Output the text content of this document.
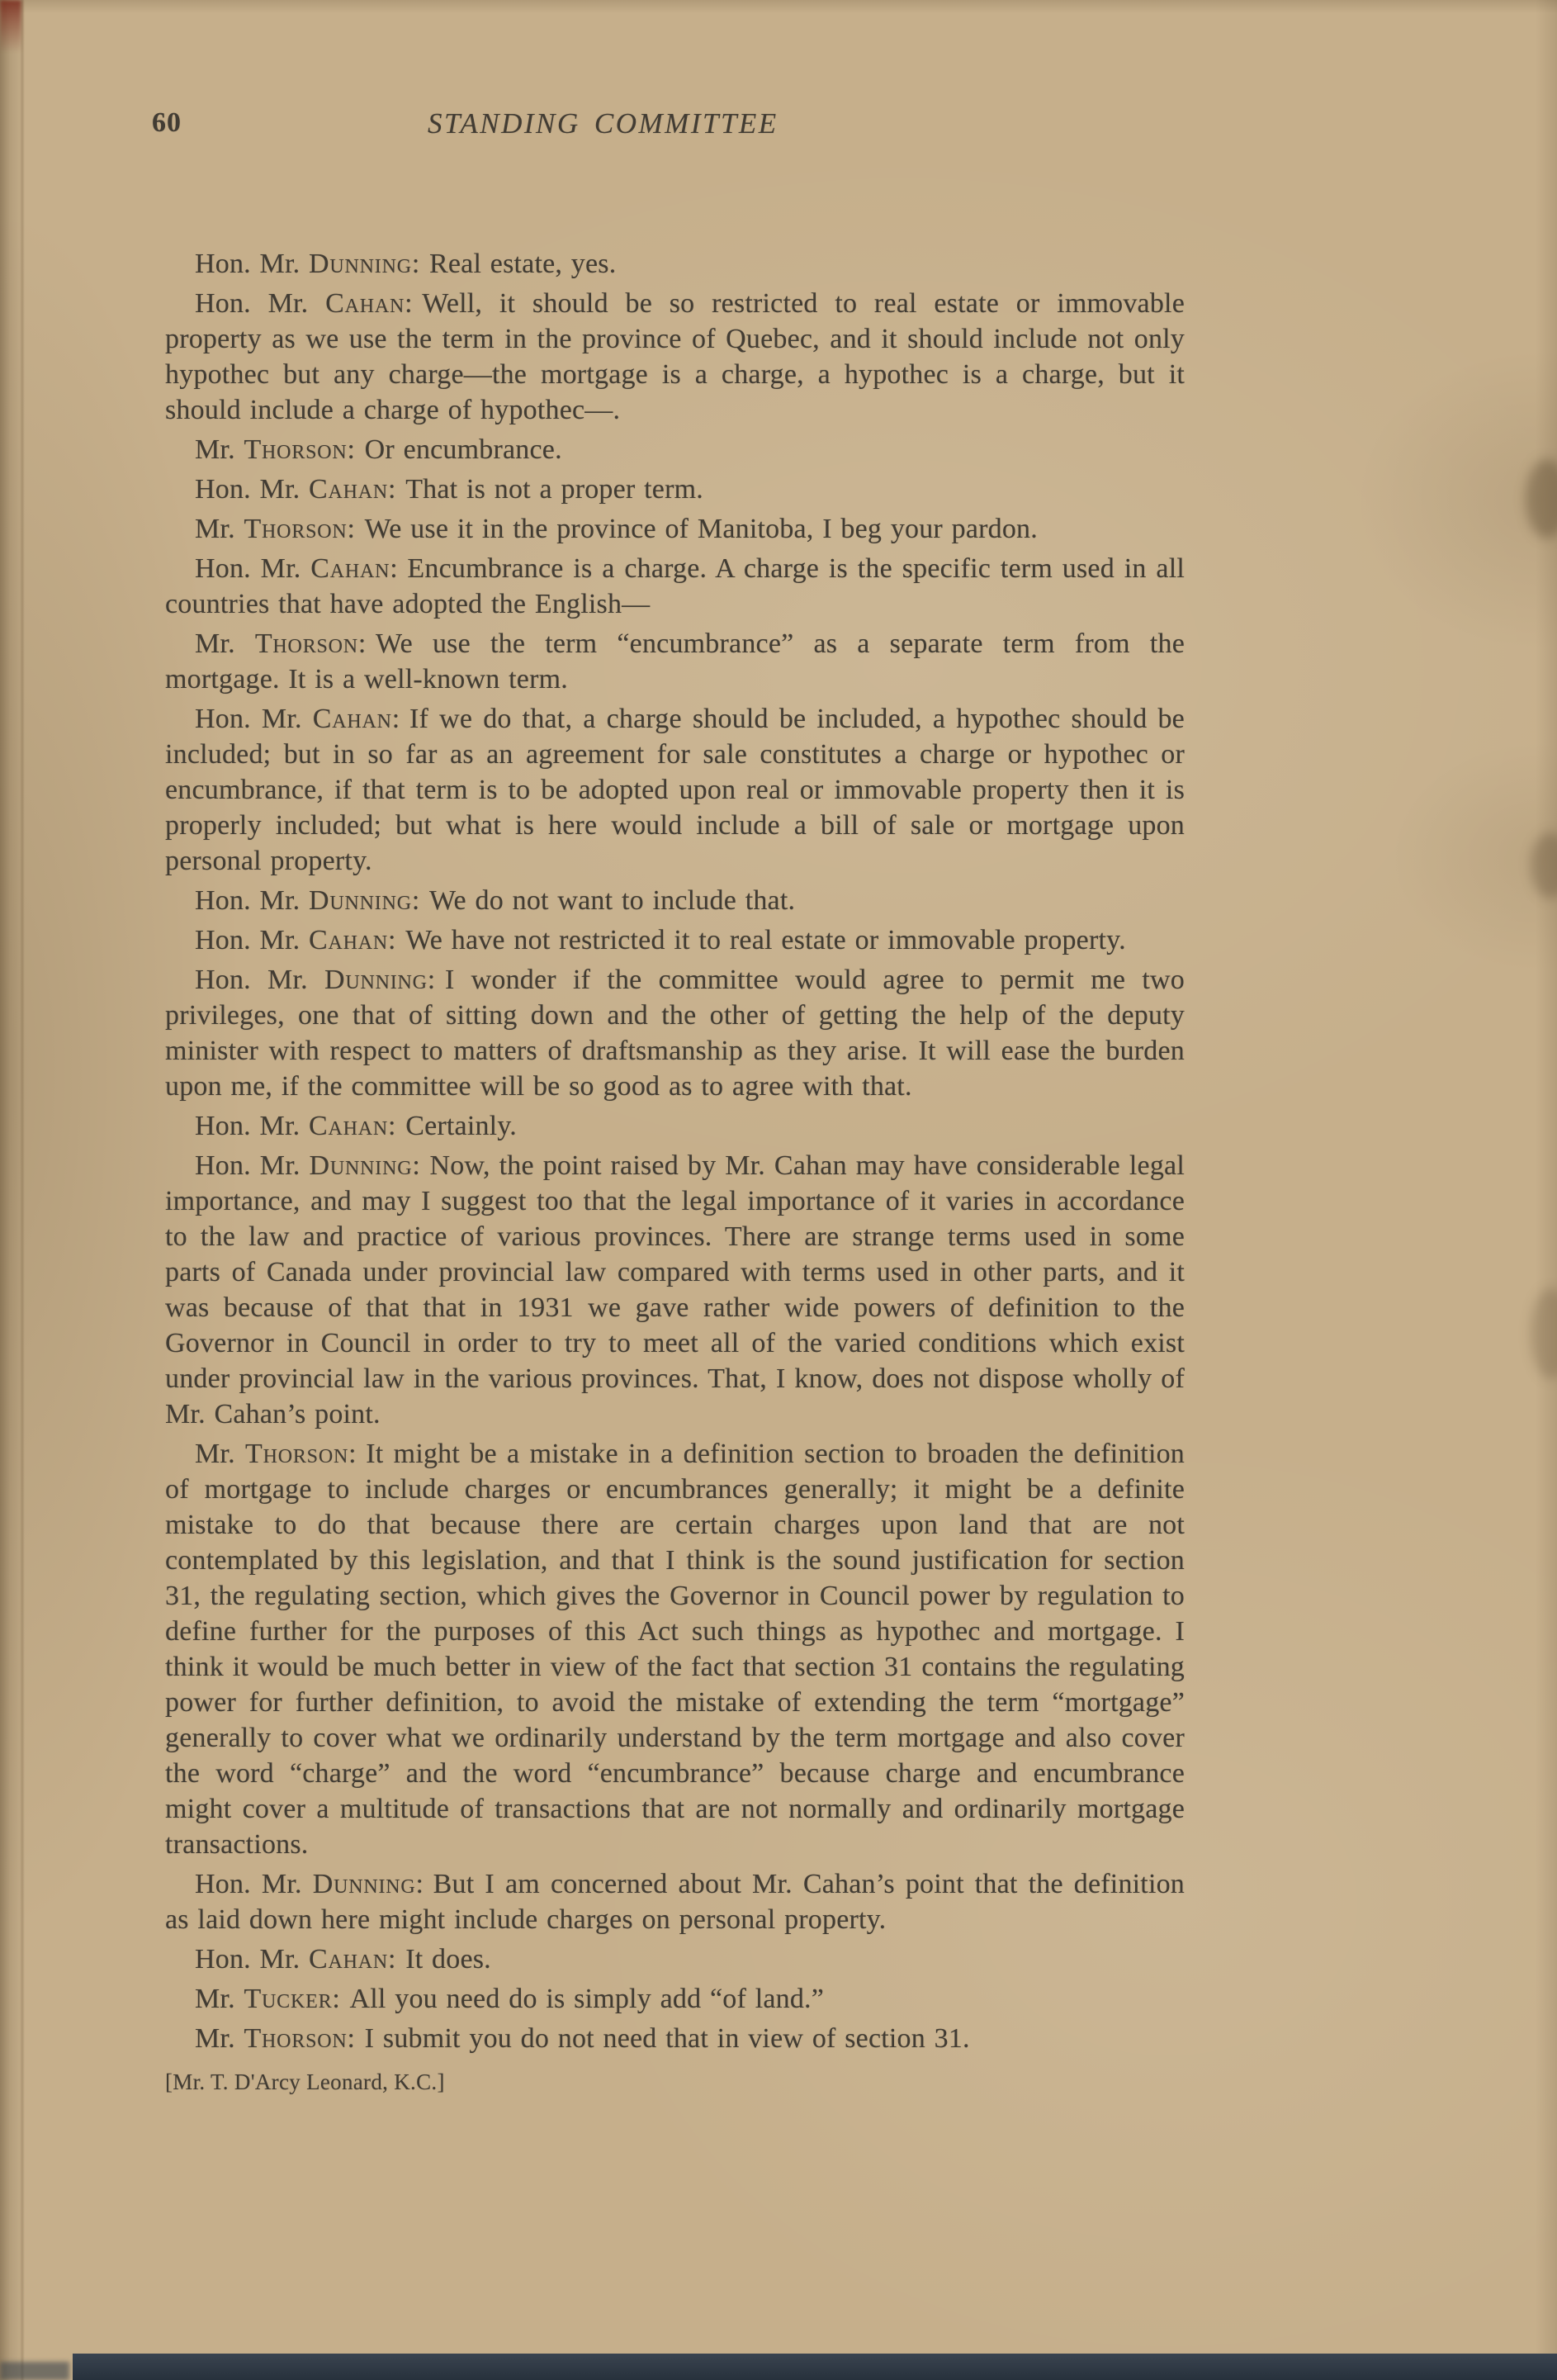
60	STANDING COMMITTEE

Hon. Mr. Dunning: Real estate, yes.

Hon. Mr. Cahan: Well, it should be so restricted to real estate or immovable property as we use the term in the province of Quebec, and it should include not only hypothec but any charge—the mortgage is a charge, a hypothec is a charge, but it should include a charge of hypothec—.

Mr. Thorson: Or encumbrance.

Hon. Mr. Cahan: That is not a proper term.

Mr. Thorson: We use it in the province of Manitoba, I beg your pardon.

Hon. Mr. Cahan: Encumbrance is a charge. A charge is the specific term used in all countries that have adopted the English—

Mr. Thorson: We use the term “encumbrance” as a separate term from the mortgage. It is a well-known term.

Hon. Mr. Cahan: If we do that, a charge should be included, a hypothec should be included; but in so far as an agreement for sale constitutes a charge or hypothec or encumbrance, if that term is to be adopted upon real or immovable property then it is properly included; but what is here would include a bill of sale or mortgage upon personal property.

Hon. Mr. Dunning: We do not want to include that.

Hon. Mr. Cahan: We have not restricted it to real estate or immovable property.

Hon. Mr. Dunning: I wonder if the committee would agree to permit me two privileges, one that of sitting down and the other of getting the help of the deputy minister with respect to matters of draftsmanship as they arise. It will ease the burden upon me, if the committee will be so good as to agree with that.

Hon. Mr. Cahan: Certainly.

Hon. Mr. Dunning: Now, the point raised by Mr. Cahan may have considerable legal importance, and may I suggest too that the legal importance of it varies in accordance to the law and practice of various provinces. There are strange terms used in some parts of Canada under provincial law compared with terms used in other parts, and it was because of that that in 1931 we gave rather wide powers of definition to the Governor in Council in order to try to meet all of the varied conditions which exist under provincial law in the various provinces. That, I know, does not dispose wholly of Mr. Cahan’s point.

Mr. Thorson: It might be a mistake in a definition section to broaden the definition of mortgage to include charges or encumbrances generally; it might be a definite mistake to do that because there are certain charges upon land that are not contemplated by this legislation, and that I think is the sound justification for section 31, the regulating section, which gives the Governor in Council power by regulation to define further for the purposes of this Act such things as hypothec and mortgage. I think it would be much better in view of the fact that section 31 contains the regulating power for further definition, to avoid the mistake of extending the term “mortgage” generally to cover what we ordinarily understand by the term mortgage and also cover the word “charge” and the word “encumbrance” because charge and encumbrance might cover a multitude of transactions that are not normally and ordinarily mortgage transactions.

Hon. Mr. Dunning: But I am concerned about Mr. Cahan’s point that the definition as laid down here might include charges on personal property.

Hon. Mr. Cahan: It does.

Mr. Tucker: All you need do is simply add “of land.”

Mr. Thorson: I submit you do not need that in view of section 31.

[Mr. T. D'Arcy Leonard, K.C.]
